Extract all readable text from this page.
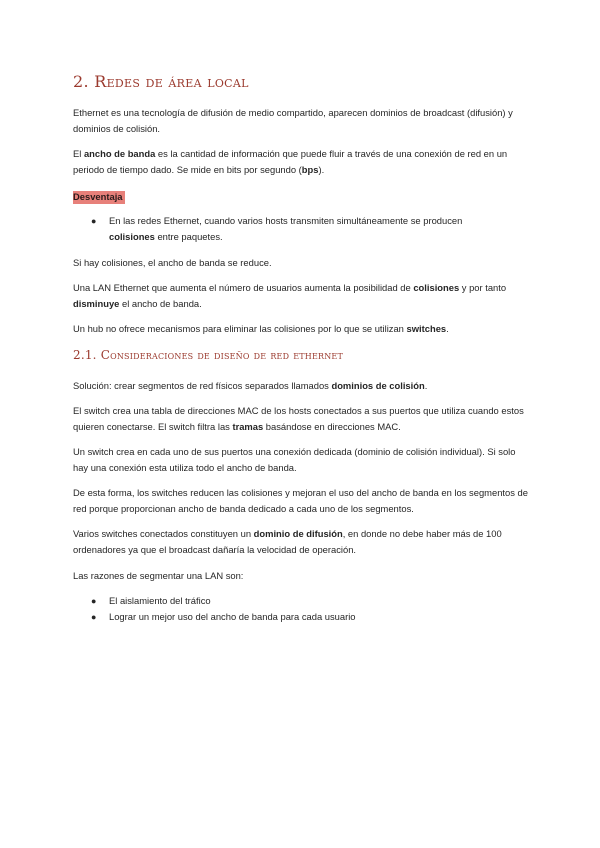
2. Redes de área local
Ethernet es una tecnología de difusión de medio compartido, aparecen dominios de broadcast (difusión) y dominios de colisión.
El ancho de banda es la cantidad de información que puede fluir a través de una conexión de red en un periodo de tiempo dado. Se mide en bits por segundo (bps).
Desventaja
● En las redes Ethernet, cuando varios hosts transmiten simultáneamente se producen colisiones entre paquetes.
Si hay colisiones, el ancho de banda se reduce.
Una LAN Ethernet que aumenta el número de usuarios aumenta la posibilidad de colisiones y por tanto disminuye el ancho de banda.
Un hub no ofrece mecanismos para eliminar las colisiones por lo que se utilizan switches.
2.1. Consideraciones de diseño de red ethernet
Solución: crear segmentos de red físicos separados llamados dominios de colisión.
El switch crea una tabla de direcciones MAC de los hosts conectados a sus puertos que utiliza cuando estos quieren conectarse. El switch filtra las tramas basándose en direcciones MAC.
Un switch crea en cada uno de sus puertos una conexión dedicada (dominio de colisión individual). Si solo hay una conexión esta utiliza todo el ancho de banda.
De esta forma, los switches reducen las colisiones y mejoran el uso del ancho de banda en los segmentos de red porque proporcionan ancho de banda dedicado a cada uno de los segmentos.
Varios switches conectados constituyen un dominio de difusión, en donde no debe haber más de 100 ordenadores ya que el broadcast dañaría la velocidad de operación.
Las razones de segmentar una LAN son:
● El aislamiento del tráfico
● Lograr un mejor uso del ancho de banda para cada usuario
